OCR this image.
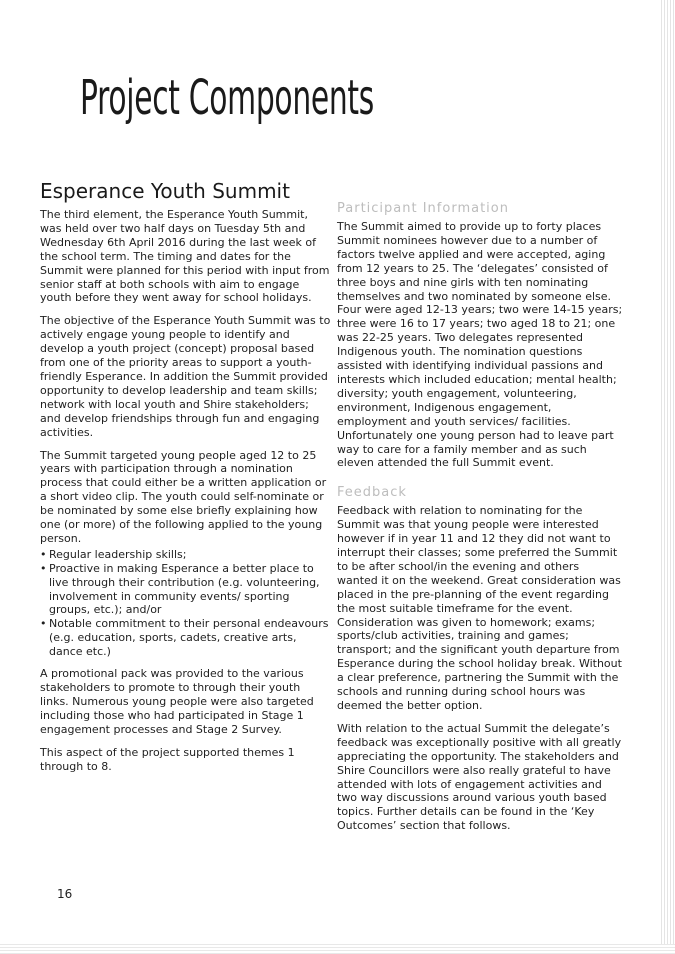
Project Components
Esperance Youth Summit

The third element, the Esperance Youth Summit, was held over two half days on Tuesday 5th and Wednesday 6th April 2016 during the last week of the school term. The timing and dates for the Summit were planned for this period with input from senior staff at both schools with aim to engage youth before they went away for school holidays.

The objective of the Esperance Youth Summit was to actively engage young people to identify and develop a youth project (concept) proposal based from one of the priority areas to support a youth-friendly Esperance. In addition the Summit provided opportunity to develop leadership and team skills; network with local youth and Shire stakeholders; and develop friendships through fun and engaging activities.

The Summit targeted young people aged 12 to 25 years with participation through a nomination process that could either be a written application or a short video clip. The youth could self-nominate or be nominated by some else briefly explaining how one (or more) of the following applied to the young person.

• Regular leadership skills;
• Proactive in making Esperance a better place to live through their contribution (e.g. volunteering, involvement in community events/ sporting groups, etc.); and/or
• Notable commitment to their personal endeavours (e.g. education, sports, cadets, creative arts, dance etc.)

A promotional pack was provided to the various stakeholders to promote to through their youth links. Numerous young people were also targeted including those who had participated in Stage 1 engagement processes and Stage 2 Survey.

This aspect of the project supported themes 1 through to 8.

Participant Information

The Summit aimed to provide up to forty places Summit nominees however due to a number of factors twelve applied and were accepted, aging from 12 years to 25. The ‘delegates’ consisted of three boys and nine girls with ten nominating themselves and two nominated by someone else. Four were aged 12-13 years; two were 14-15 years; three were 16 to 17 years; two aged 18 to 21; one was 22-25 years. Two delegates represented Indigenous youth. The nomination questions assisted with identifying individual passions and interests which included education; mental health; diversity; youth engagement, volunteering, environment, Indigenous engagement, employment and youth services/ facilities. Unfortunately one young person had to leave part way to care for a family member and as such eleven attended the full Summit event.

Feedback

Feedback with relation to nominating for the Summit was that young people were interested however if in year 11 and 12 they did not want to interrupt their classes; some preferred the Summit to be after school/in the evening and others wanted it on the weekend. Great consideration was placed in the pre-planning of the event regarding the most suitable timeframe for the event. Consideration was given to homework; exams; sports/club activities, training and games; transport; and the significant youth departure from Esperance during the school holiday break. Without a clear preference, partnering the Summit with the schools and running during school hours was deemed the better option.

With relation to the actual Summit the delegate’s feedback was exceptionally positive with all greatly appreciating the opportunity. The stakeholders and Shire Councillors were also really grateful to have attended with lots of engagement activities and two way discussions around various youth based topics. Further details can be found in the ‘Key Outcomes’ section that follows.

16
